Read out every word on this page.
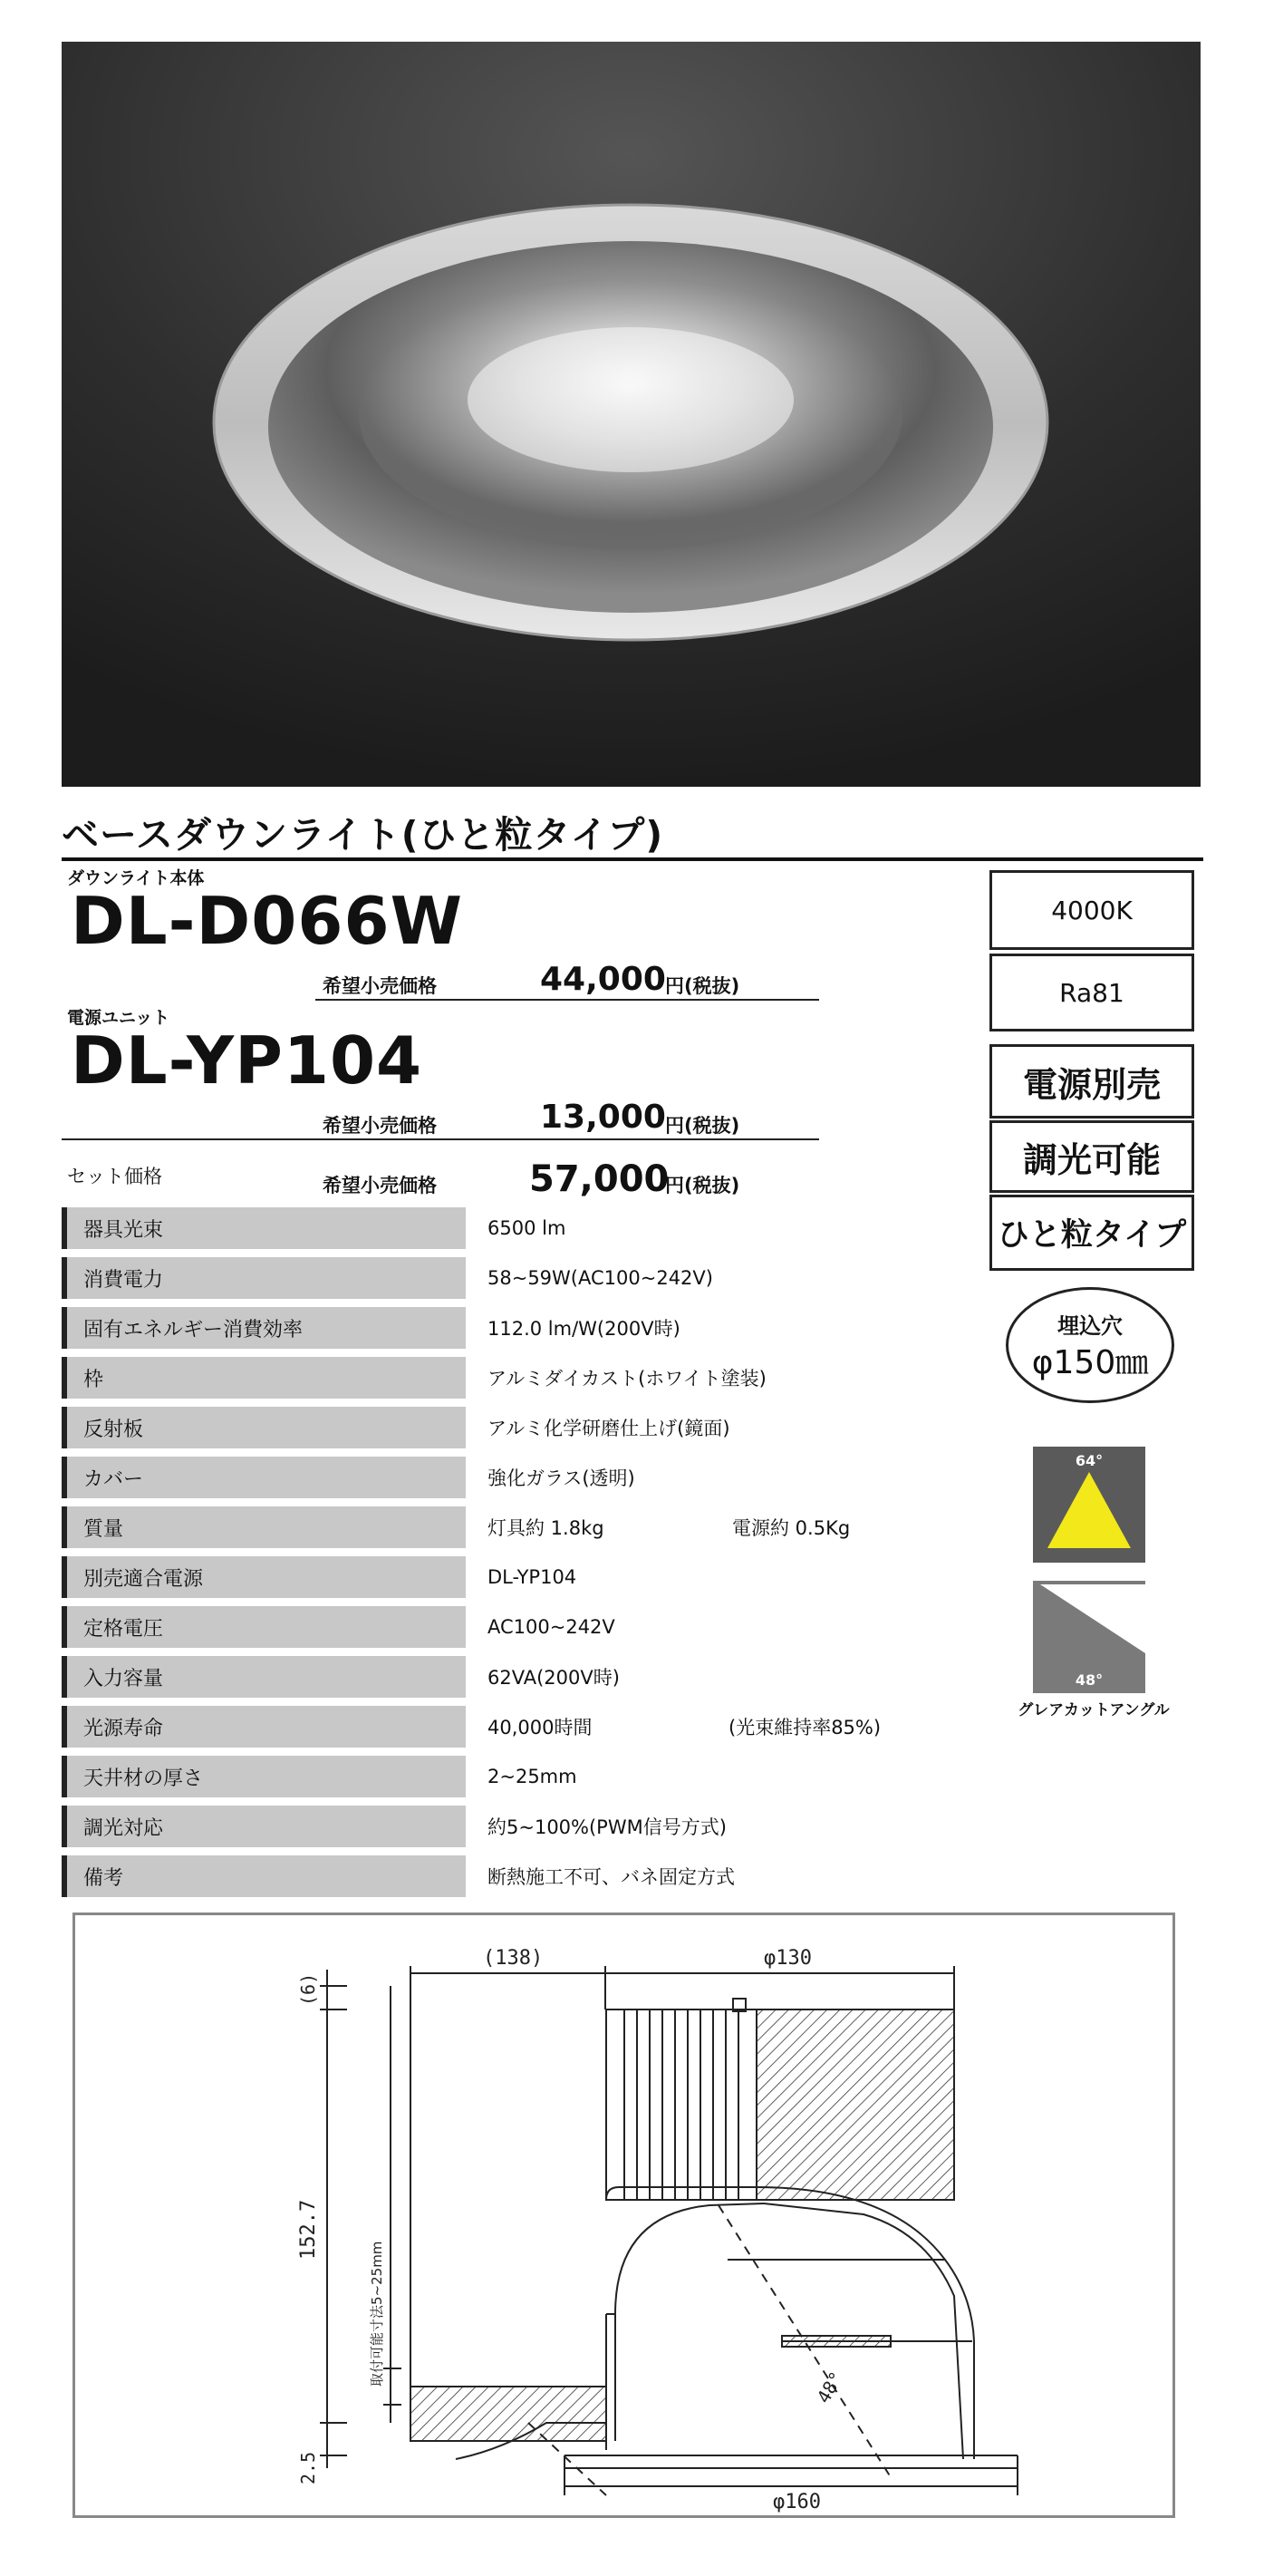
ベースダウンライト(ひと粒タイプ)
ダウンライト本体
DL-D066W
希望小売価格	44,000 円(税抜)
電源ユニット
DL-YP104
希望小売価格	13,000 円(税抜)
セット価格	希望小売価格	57,000
円(税抜)
4000K
Ra81
電源別売
調光可能
ひと粒タイプ
埋込穴
φ150㎜
64°
48°
グレアカットアングル
器具光束	6500 lm
消費電力	58~59W(AC100~242V)
固有エネルギー消費効率	112.0 lm/W(200V時)
枠	アルミダイカスト(ホワイト塗装)
反射板	アルミ化学研磨仕上げ(鏡面)
カバー	強化ガラス(透明)
質量	灯具約 1.8kg	電源約 0.5Kg
別売適合電源	DL-YP104
定格電圧	AC100~242V
入力容量	62VA(200V時)
光源寿命	40,000時間	(光束維持率85%)
天井材の厚さ	2~25mm
調光対応	約5~100%(PWM信号方式)
備考	断熱施工不可、バネ固定方式
(138)	φ130
φ160
48°
(6)
152.7
2.5
取付可能寸法5~25mm
